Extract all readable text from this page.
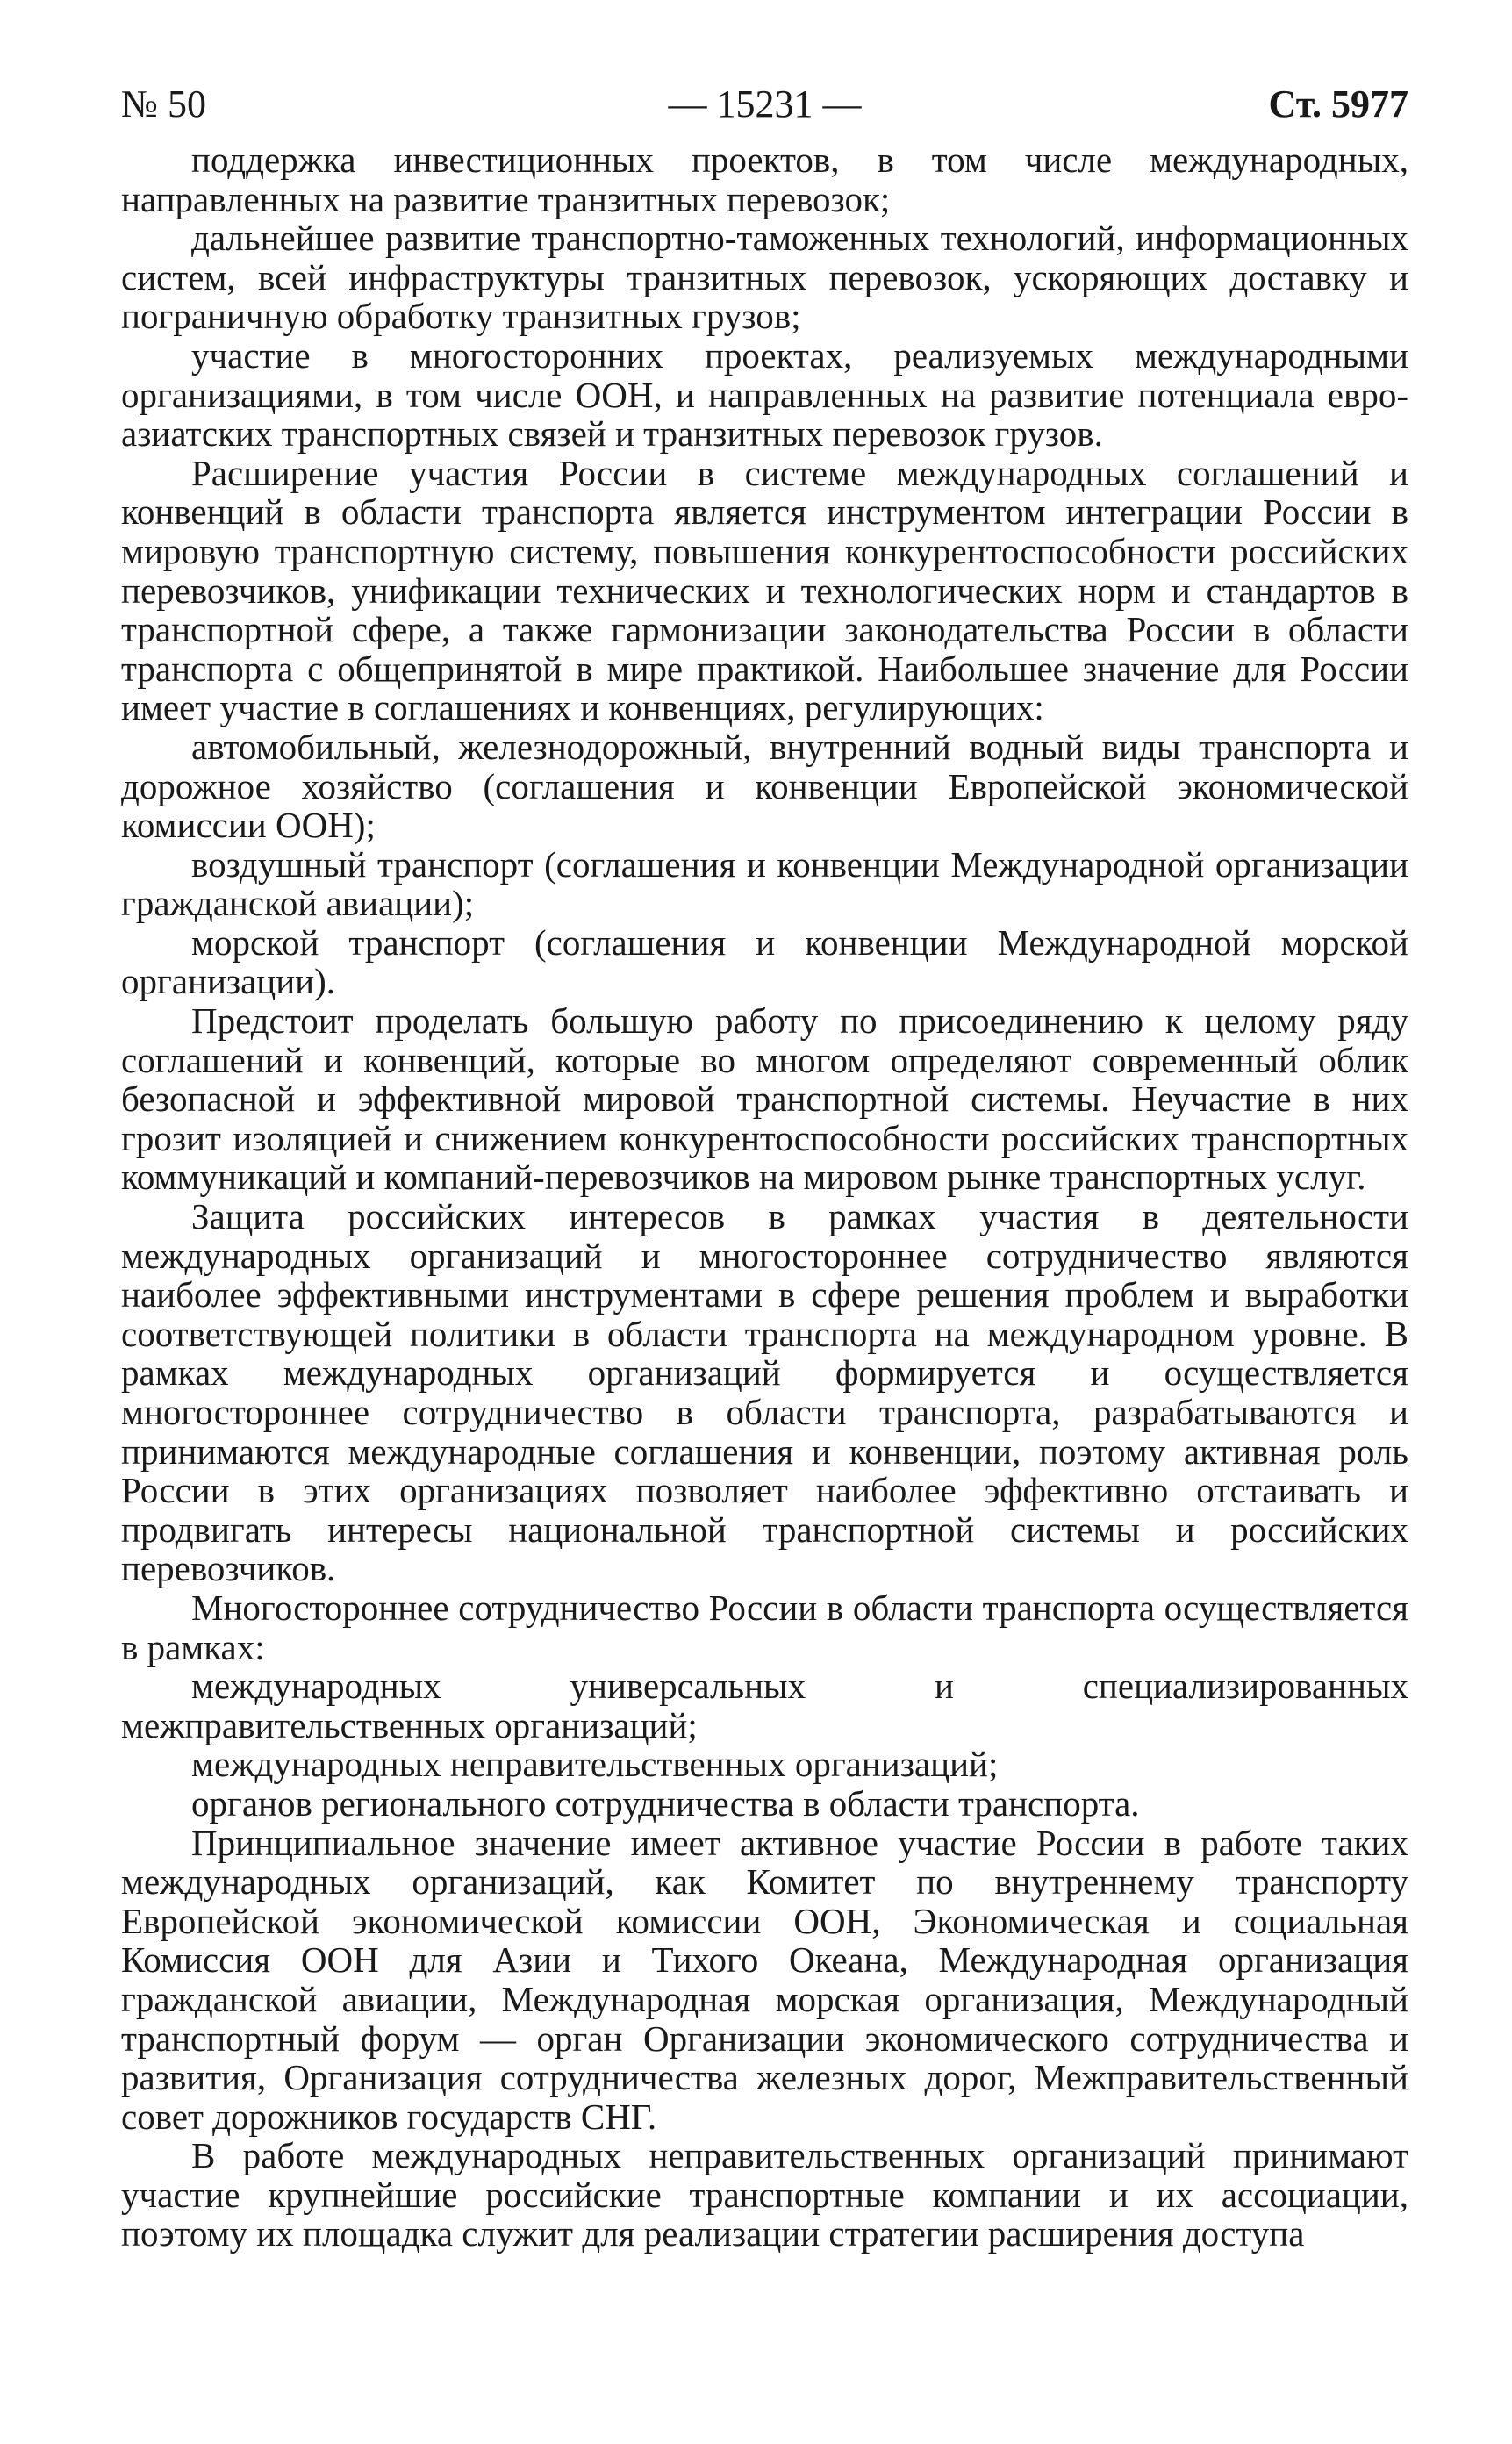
№ 50	— 15231 —	Ст. 5977

поддержка инвестиционных проектов, в том числе международных, направленных на развитие транзитных перевозок;

дальнейшее развитие транспортно-таможенных технологий, информационных систем, всей инфраструктуры транзитных перевозок, ускоряющих доставку и пограничную обработку транзитных грузов;

участие в многосторонних проектах, реализуемых международными организациями, в том числе ООН, и направленных на развитие потенциала евро-азиатских транспортных связей и транзитных перевозок грузов.

Расширение участия России в системе международных соглашений и конвенций в области транспорта является инструментом интеграции России в мировую транспортную систему, повышения конкурентоспособности российских перевозчиков, унификации технических и технологических норм и стандартов в транспортной сфере, а также гармонизации законодательства России в области транспорта с общепринятой в мире практикой. Наибольшее значение для России имеет участие в соглашениях и конвенциях, регулирующих:

автомобильный, железнодорожный, внутренний водный виды транспорта и дорожное хозяйство (соглашения и конвенции Европейской экономической комиссии ООН);

воздушный транспорт (соглашения и конвенции Международной организации гражданской авиации);

морской транспорт (соглашения и конвенции Международной морской организации).

Предстоит проделать большую работу по присоединению к целому ряду соглашений и конвенций, которые во многом определяют современный облик безопасной и эффективной мировой транспортной системы. Неучастие в них грозит изоляцией и снижением конкурентоспособности российских транспортных коммуникаций и компаний-перевозчиков на мировом рынке транспортных услуг.

Защита российских интересов в рамках участия в деятельности международных организаций и многостороннее сотрудничество являются наиболее эффективными инструментами в сфере решения проблем и выработки соответствующей политики в области транспорта на международном уровне. В рамках международных организаций формируется и осуществляется многостороннее сотрудничество в области транспорта, разрабатываются и принимаются международные соглашения и конвенции, поэтому активная роль России в этих организациях позволяет наиболее эффективно отстаивать и продвигать интересы национальной транспортной системы и российских перевозчиков.

Многостороннее сотрудничество России в области транспорта осуществляется в рамках:

международных универсальных и специализированных межправительственных организаций;

международных неправительственных организаций;

органов регионального сотрудничества в области транспорта.

Принципиальное значение имеет активное участие России в работе таких международных организаций, как Комитет по внутреннему транспорту Европейской экономической комиссии ООН, Экономическая и социальная Комиссия ООН для Азии и Тихого Океана, Международная организация гражданской авиации, Международная морская организация, Международный транспортный форум — орган Организации экономического сотрудничества и развития, Организация сотрудничества железных дорог, Межправительственный совет дорожников государств СНГ.

В работе международных неправительственных организаций принимают участие крупнейшие российские транспортные компании и их ассоциации, поэтому их площадка служит для реализации стратегии расширения доступа
